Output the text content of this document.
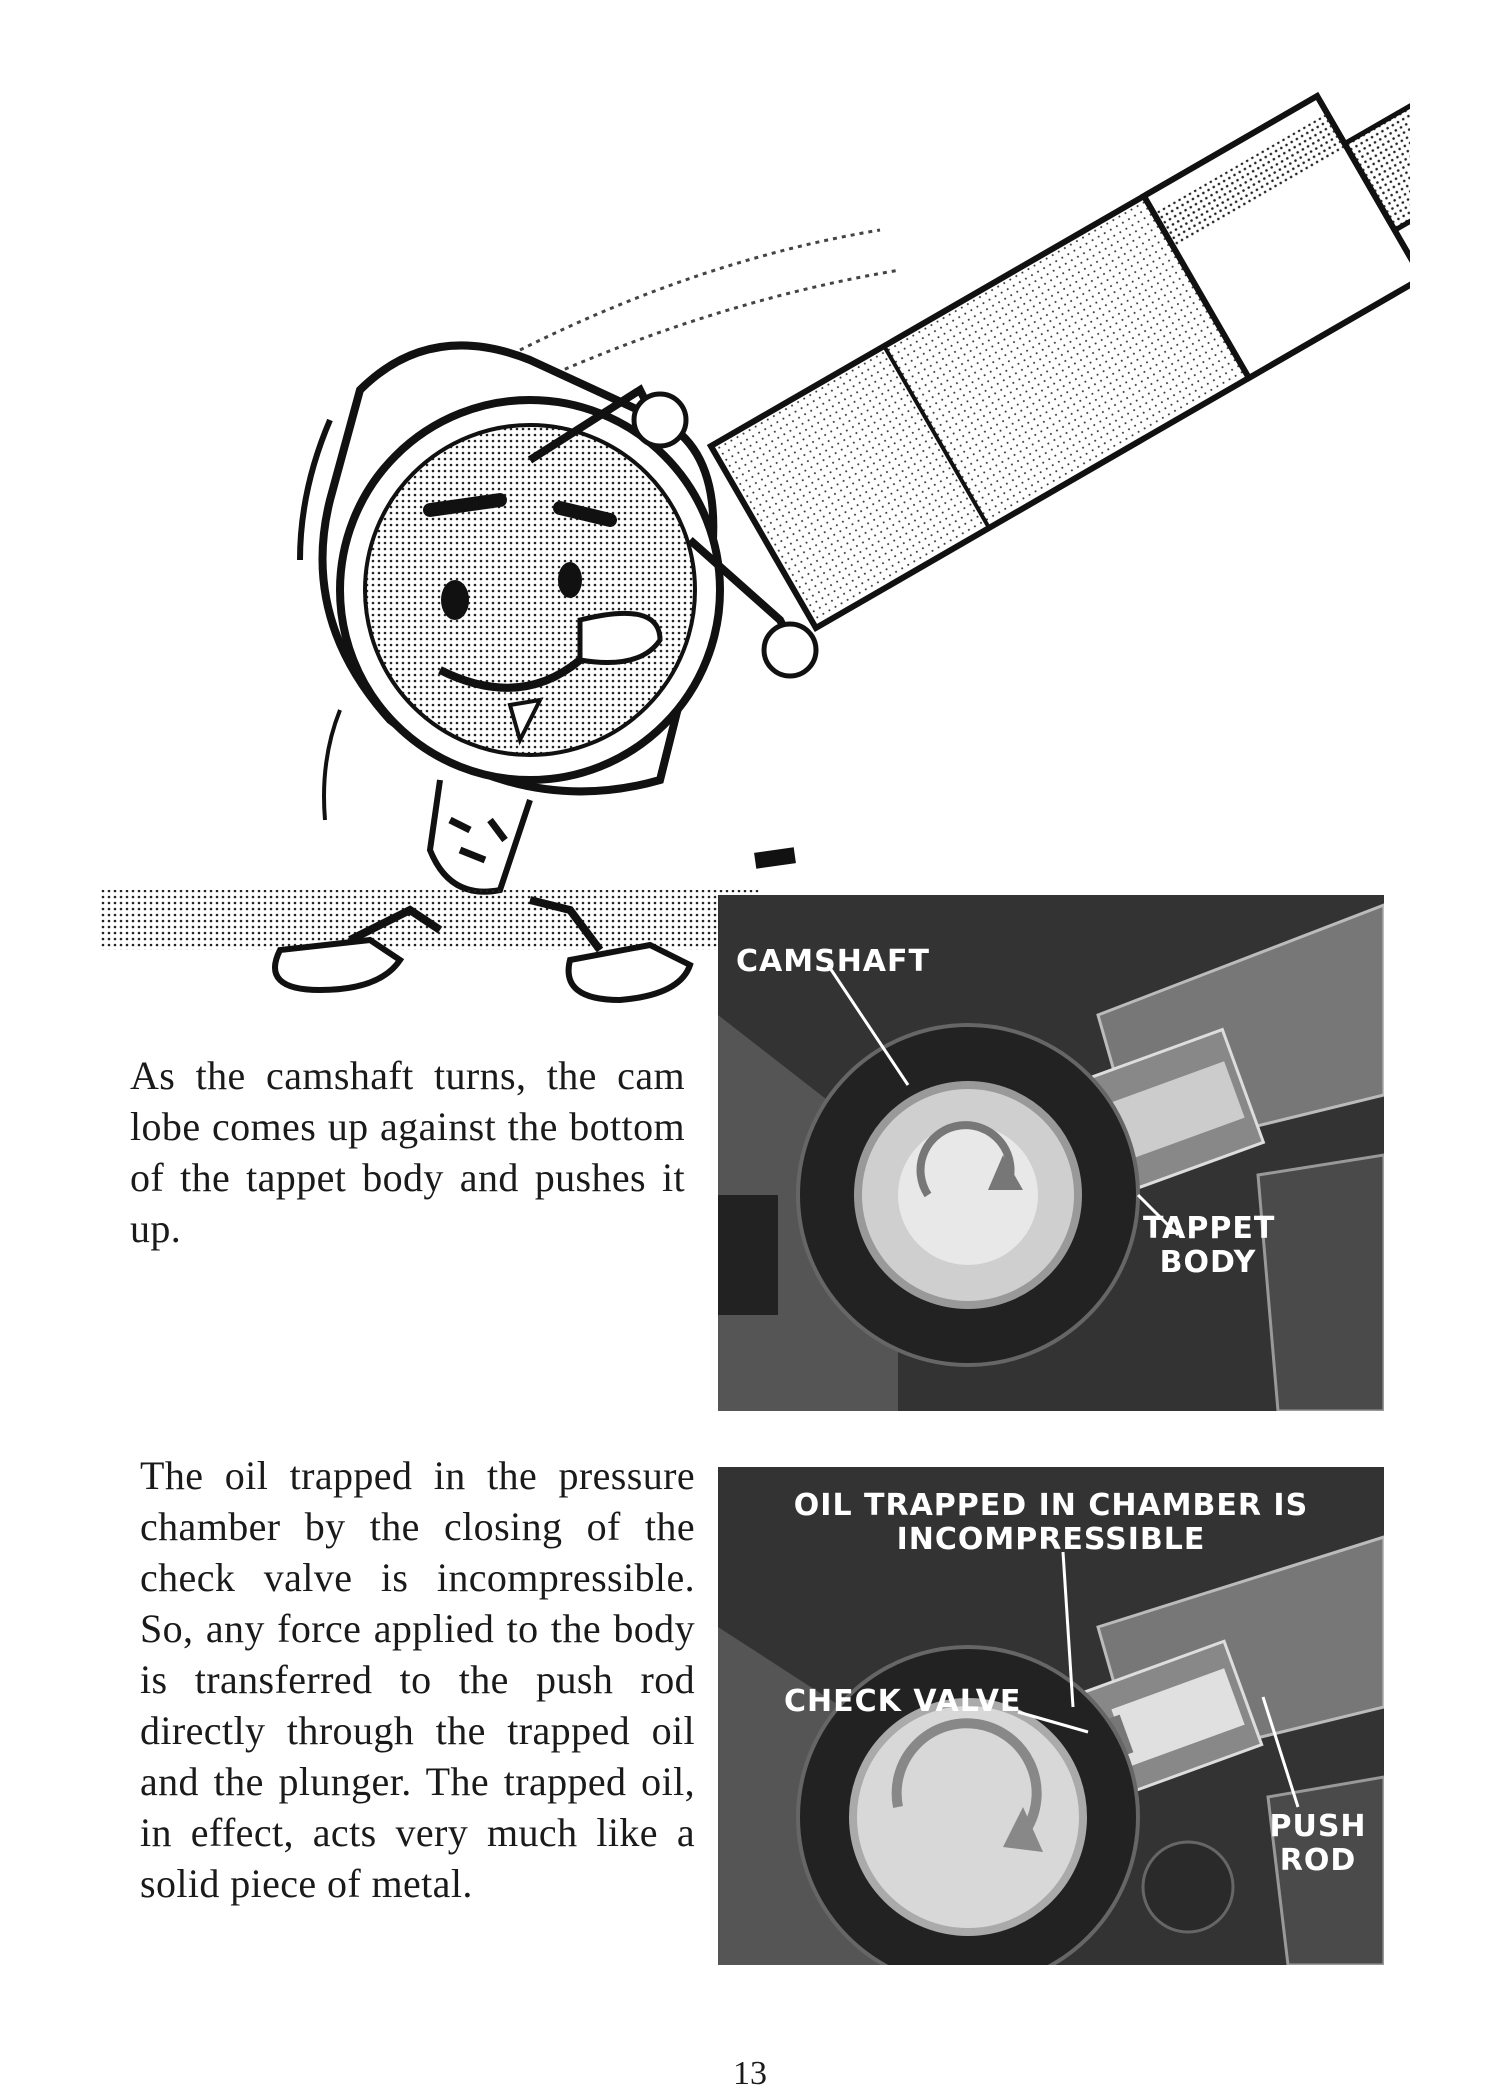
As the camshaft turns, the cam lobe comes up against the bottom of the tappet body and pushes it up.
CAMSHAFT
TAPPET
BODY
The oil trapped in the pressure chamber by the closing of the check valve is incompressible. So, any force applied to the body is transferred to the push rod directly through the trapped oil and the plunger. The trapped oil, in effect, acts very much like a solid piece of metal.
OIL TRAPPED IN CHAMBER IS
INCOMPRESSIBLE
CHECK VALVE
PUSH
ROD
13
